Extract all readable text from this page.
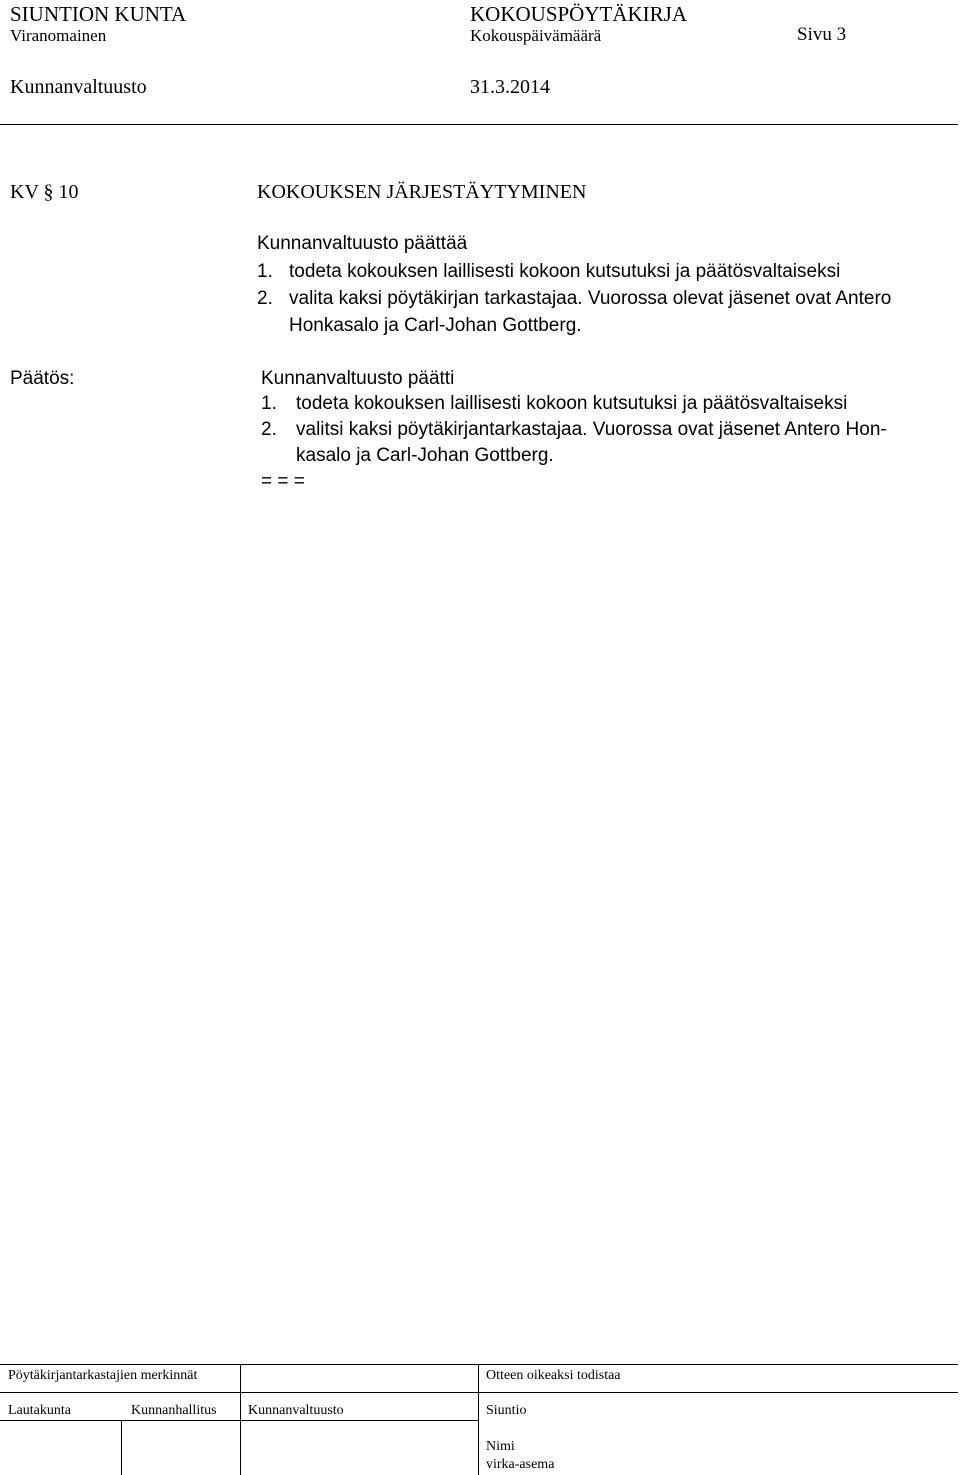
SIUNTION KUNTA	KOKOUSPÖYTÄKIRJA
Viranomainen	Kokouspäivämäärä	Sivu 3
Kunnanvaltuusto	31.3.2014
KV § 10	KOKOUKSEN JÄRJESTÄYTYMINEN
Kunnanvaltuusto päättää
1. todeta kokouksen laillisesti kokoon kutsutuksi ja päätösvaltaiseksi
2. valita kaksi pöytäkirjan tarkastajaa. Vuorossa olevat jäsenet ovat Antero
Honkasalo ja Carl-Johan Gottberg.
Päätös:	Kunnanvaltuusto päätti
1. todeta kokouksen laillisesti kokoon kutsutuksi ja päätösvaltaiseksi
2. valitsi kaksi pöytäkirjantarkastajaa. Vuorossa ovat jäsenet Antero Hon-
kasalo ja Carl-Johan Gottberg.
= = =
Pöytäkirjantarkastajien merkinnät	Otteen oikeaksi todistaa
Lautakunta	Kunnanhallitus Kunnanvaltuusto	Siuntio
Nimi
virka-asema
